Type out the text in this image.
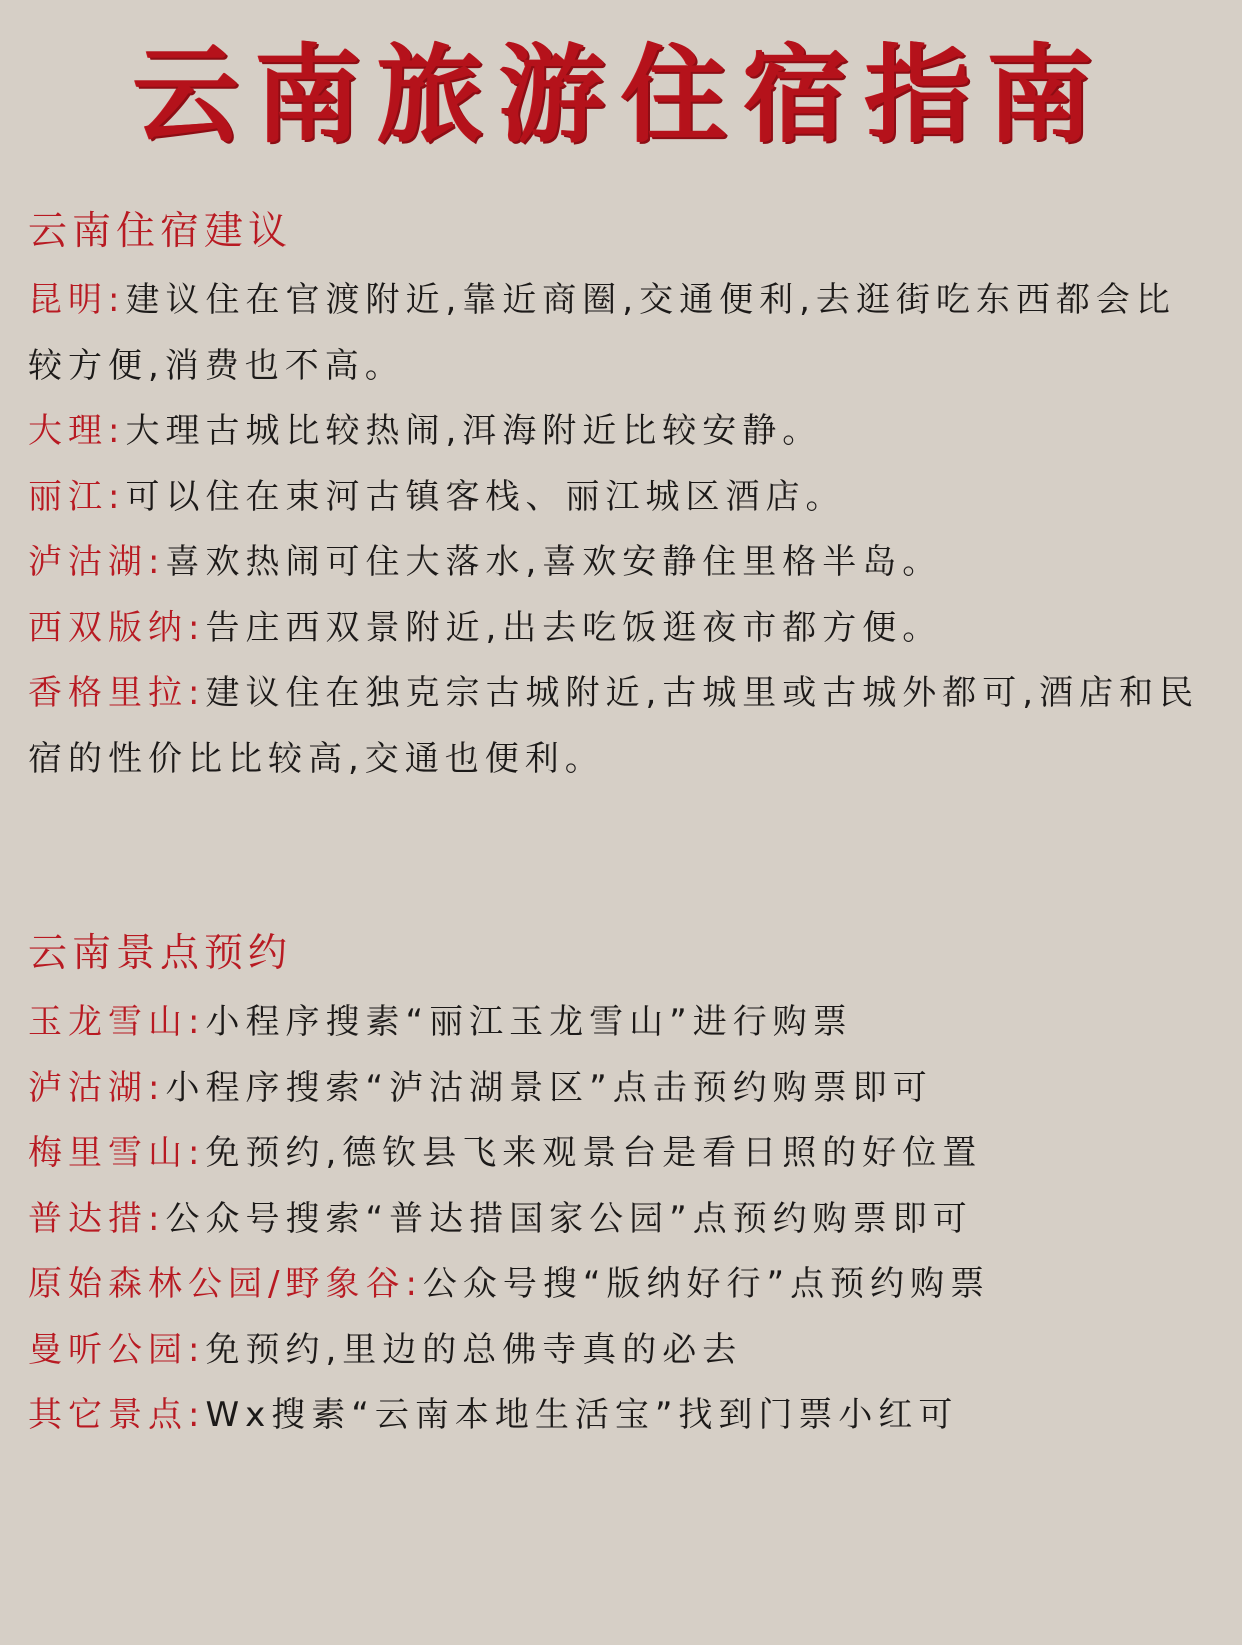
云南旅游住宿指南
云南住宿建议

昆明:建议住在官渡附近,靠近商圈,交通便利,去逛街吃东西都会比较方便,消费也不高。

大理:大理古城比较热闹,洱海附近比较安静。

丽江:可以住在束河古镇客栈、丽江城区酒店。

泸沽湖:喜欢热闹可住大落水,喜欢安静住里格半岛。

西双版纳:告庄西双景附近,出去吃饭逛夜市都方便。

香格里拉:建议住在独克宗古城附近,古城里或古城外都可,酒店和民宿的性价比比较高,交通也便利。

云南景点预约

玉龙雪山:小程序搜素“丽江玉龙雪山”进行购票

泸沽湖:小程序搜索“泸沽湖景区”点击预约购票即可

梅里雪山:免预约,德钦县飞来观景台是看日照的好位置

普达措:公众号搜索“普达措国家公园”点预约购票即可

原始森林公园/野象谷:公众号搜“版纳好行”点预约购票

曼听公园:免预约,里边的总佛寺真的必去

其它景点:Wx搜素“云南本地生活宝”找到门票小红可
